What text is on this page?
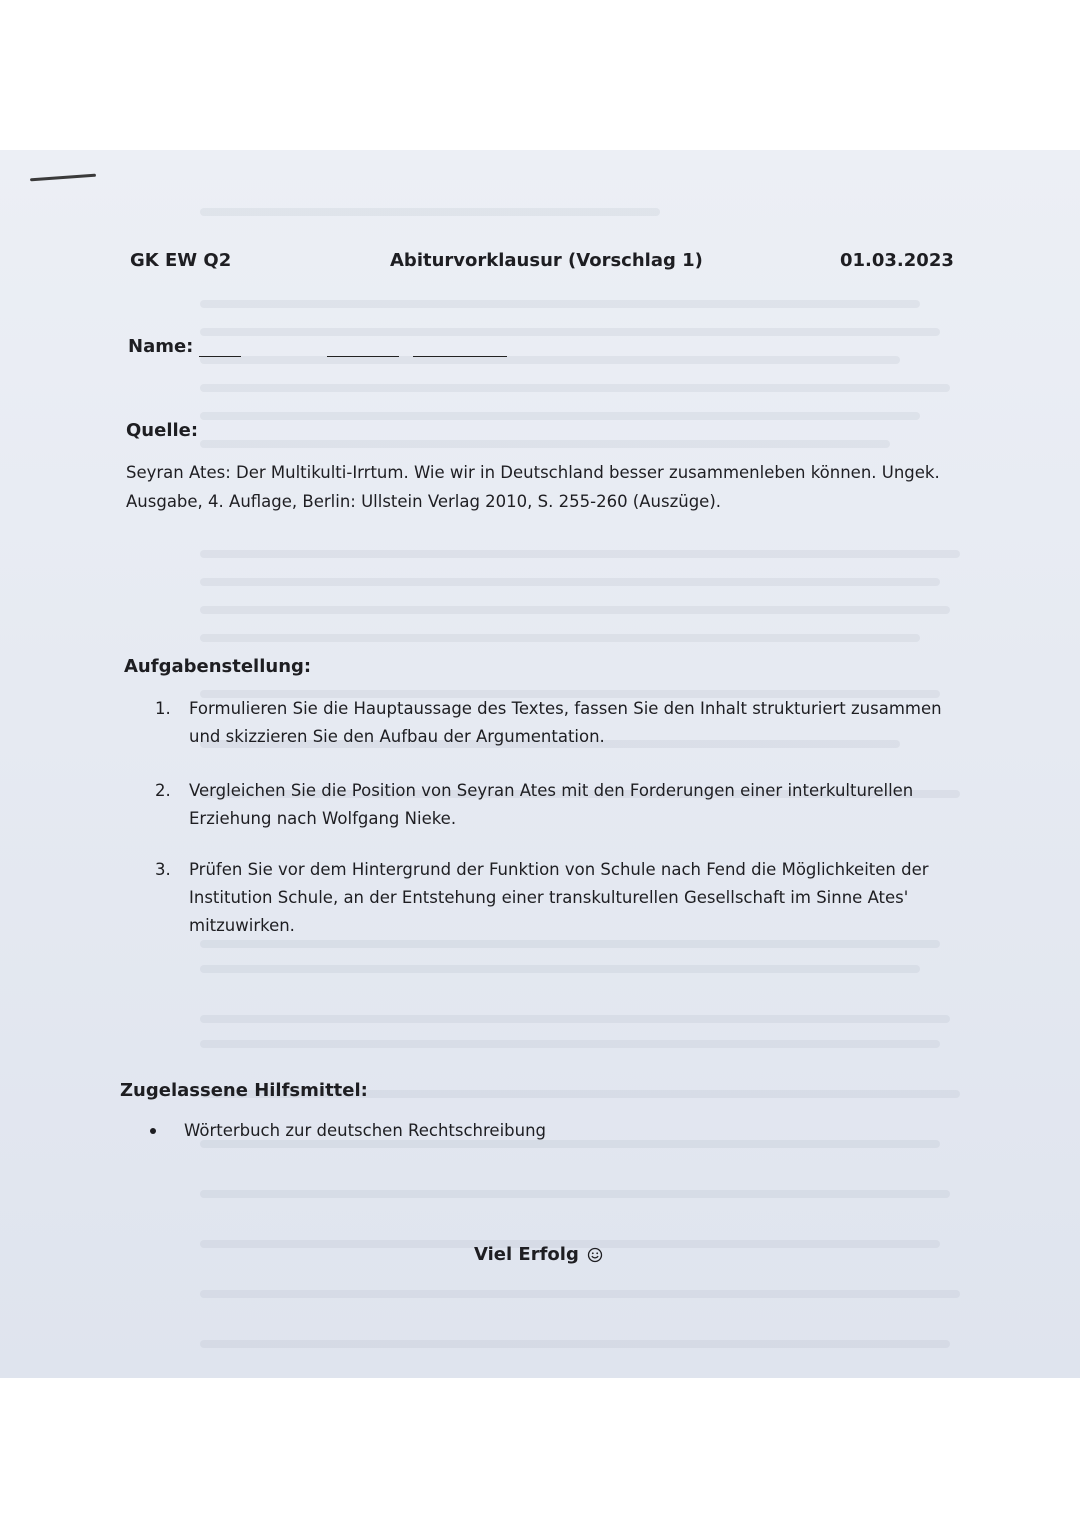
GK EW Q2	Abiturvorklausur (Vorschlag 1)	01.03.2023
Name:
Quelle:
Seyran Ates: Der Multikulti-Irrtum. Wie wir in Deutschland besser zusammenleben können. Ungek.
Ausgabe, 4. Auflage, Berlin: Ullstein Verlag 2010, S. 255-260 (Auszüge).
Aufgabenstellung:
1.	Formulieren Sie die Hauptaussage des Textes, fassen Sie den Inhalt strukturiert zusammen
und skizzieren Sie den Aufbau der Argumentation.
2.	Vergleichen Sie die Position von Seyran Ates mit den Forderungen einer interkulturellen
Erziehung nach Wolfgang Nieke.
3.	Prüfen Sie vor dem Hintergrund der Funktion von Schule nach Fend die Möglichkeiten der
Institution Schule, an der Entstehung einer transkulturellen Gesellschaft im Sinne Ates'
mitzuwirken.
Zugelassene Hilfsmittel:
Wörterbuch zur deutschen Rechtschreibung
Viel Erfolg
